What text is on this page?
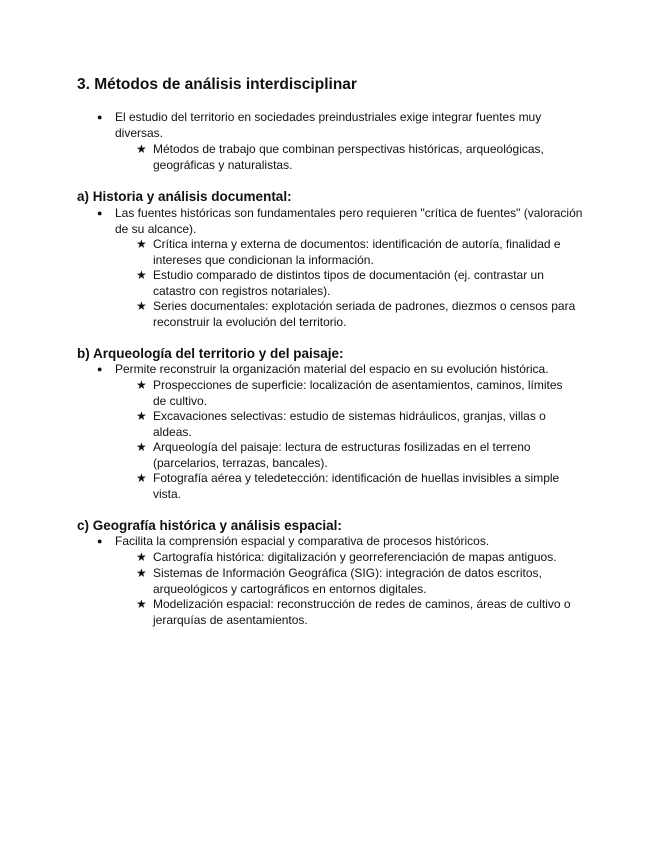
3. Métodos de análisis interdisciplinar
●	El estudio del territorio en sociedades preindustriales exige integrar fuentes muy diversas.
★ Métodos de trabajo que combinan perspectivas históricas, arqueológicas, geográficas y naturalistas.
a) Historia y análisis documental:
●	Las fuentes históricas son fundamentales pero requieren "crítica de fuentes" (valoración de su alcance).
★ Crítica interna y externa de documentos: identificación de autoría, finalidad e intereses que condicionan la información.
★ Estudio comparado de distintos tipos de documentación (ej. contrastar un catastro con registros notariales).
★ Series documentales: explotación seriada de padrones, diezmos o censos para reconstruir la evolución del territorio.
b) Arqueología del territorio y del paisaje:
●	Permite reconstruir la organización material del espacio en su evolución histórica.
★ Prospecciones de superficie: localización de asentamientos, caminos, límites de cultivo.
★ Excavaciones selectivas: estudio de sistemas hidráulicos, granjas, villas o aldeas.
★ Arqueología del paisaje: lectura de estructuras fosilizadas en el terreno (parcelarios, terrazas, bancales).
★ Fotografía aérea y teledetección: identificación de huellas invisibles a simple vista.
c) Geografía histórica y análisis espacial:
●	Facilita la comprensión espacial y comparativa de procesos históricos.
★ Cartografía histórica: digitalización y georreferenciación de mapas antiguos.
★ Sistemas de Información Geográfica (SIG): integración de datos escritos, arqueológicos y cartográficos en entornos digitales.
★ Modelización espacial: reconstrucción de redes de caminos, áreas de cultivo o jerarquías de asentamientos.
